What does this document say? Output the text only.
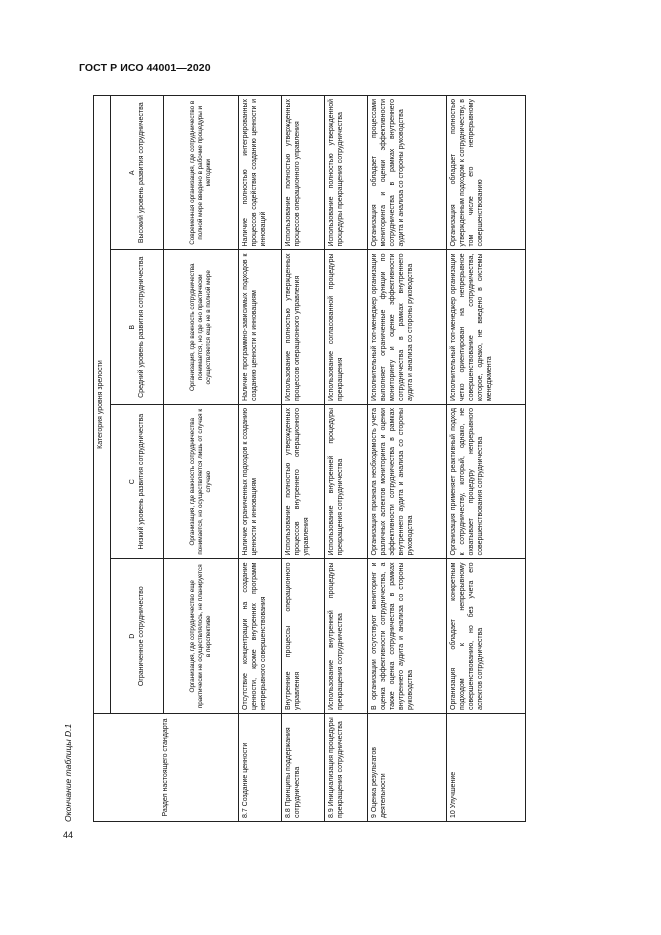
ГОСТ Р ИСО 44001—2020
Окончание таблицы D.1	Раздел настоящего стандарта	Категория уровня зрелости			
	D Ограниченное сотрудничество	C Низкий уровень развития сотрудничества	B Средний уровень развития сотрудничества	A Высокий уровень развития сотрудничества
	Организация, где сотрудничество еще практически не осуществлялось, не планируется в перспективе	Организация, где важность сотрудничества понимается, но осуществляется лишь от случая к случаю	Организация, где важность сотрудничества понимается, но где оно практически осуществляется еще не в полной мере	Современная организация, где сотрудничество в полной мере введено в рабочие процедуры и методики
8.7 Создание ценности	Отсутствие концентрации на создание ценности, кроме внутренних программ непрерывного совершенствования	Наличие ограниченных подходов к созданию ценности и инновациям	Наличие программно-зависимых подходов к созданию ценности и инновациям	Наличие полностью интегрированных процессов содействия созданию ценности и инноваций
8.8 Принципы поддержания сотрудничества	Внутренние процессы операционного управления	Использование полностью утвержденных процессов внутреннего операционного управления	Использование полностью утвержденных процессов операционного управления	Использование полностью утвержденных процессов операционного управления
8.9 Инициализация процедуры прекращения сотрудничества	Использование внутренней процедуры прекращения сотрудничества	Использование внутренней процедуры прекращения сотрудничества	Использование согласованной процедуры прекращения	Использование полностью утвержденной процедуры прекращения сотрудничества
9 Оценка результатов деятельности	В организации отсутствуют мониторинг и оценка эффективности сотрудничества, а также оценка сотрудничества в рамках внутреннего аудита и анализа со стороны руководства	Организация признала необходимость учета различных аспектов мониторинга и оценки эффективности сотрудничества в рамках внутреннего аудита и анализа со стороны руководства	Исполнительный топ-менеджер организации выполняет ограниченные функции по мониторингу и оценке эффективности сотрудничества в рамках внутреннего аудита и анализа со стороны руководства	Организация обладает процессами мониторинга и оценки эффективности сотрудничества в рамках внутреннего аудита и анализа со стороны руководства
10 Улучшение	Организация обладает конкретным подходом к непрерывному совершенствованию, но без учета его аспектов сотрудничества	Организация применяет реактивный подход к сотрудничеству, который, однако, не охватывает процедуру непрерывного совершенствования сотрудничества	Исполнительный топ-менеджер организации четко ориентирован на непрерывное совершенствование сотрудничества, которое, однако, не введено в системы менеджмента	Организация обладает полностью утвержденным подходом к сотрудничеству, в том числе его непрерывному совершенствованию
44
